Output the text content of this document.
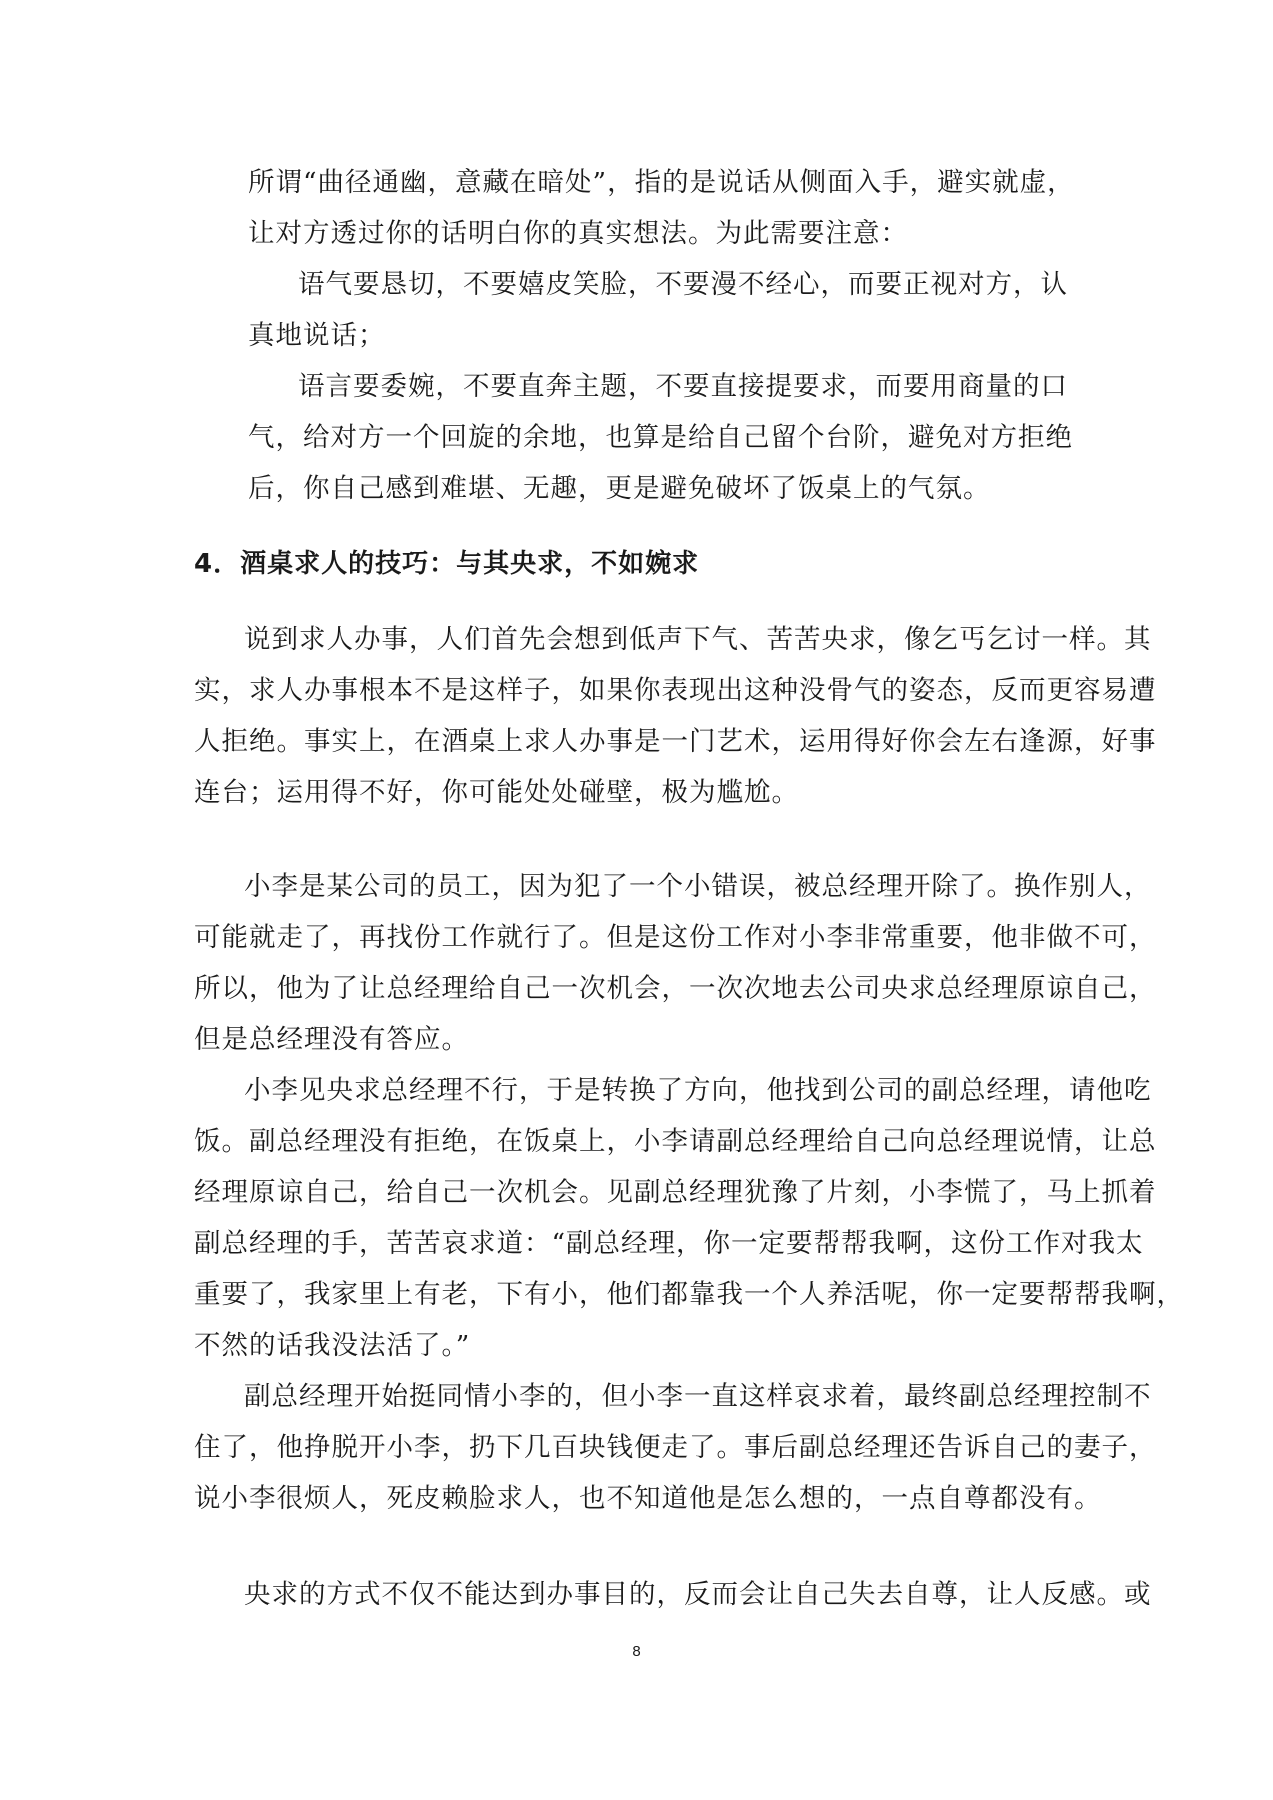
所谓“曲径通幽，意藏在暗处”，指的是说话从侧面入手，避实就虚，
让对方透过你的话明白你的真实想法。为此需要注意：
语气要恳切，不要嬉皮笑脸，不要漫不经心，而要正视对方，认
真地说话；
语言要委婉，不要直奔主题，不要直接提要求，而要用商量的口
气，给对方一个回旋的余地，也算是给自己留个台阶，避免对方拒绝
后，你自己感到难堪、无趣，更是避免破坏了饭桌上的气氛。
4．酒桌求人的技巧：与其央求，不如婉求
说到求人办事，人们首先会想到低声下气、苦苦央求，像乞丐乞讨一样。其
实，求人办事根本不是这样子，如果你表现出这种没骨气的姿态，反而更容易遭
人拒绝。事实上，在酒桌上求人办事是一门艺术，运用得好你会左右逢源，好事
连台；运用得不好，你可能处处碰壁，极为尴尬。
小李是某公司的员工，因为犯了一个小错误，被总经理开除了。换作别人，
可能就走了，再找份工作就行了。但是这份工作对小李非常重要，他非做不可，
所以，他为了让总经理给自己一次机会，一次次地去公司央求总经理原谅自己，
但是总经理没有答应。
小李见央求总经理不行，于是转换了方向，他找到公司的副总经理，请他吃
饭。副总经理没有拒绝，在饭桌上，小李请副总经理给自己向总经理说情，让总
经理原谅自己，给自己一次机会。见副总经理犹豫了片刻，小李慌了，马上抓着
副总经理的手，苦苦哀求道：“副总经理，你一定要帮帮我啊，这份工作对我太
重要了，我家里上有老，下有小，他们都靠我一个人养活呢，你一定要帮帮我啊，
不然的话我没法活了。”
副总经理开始挺同情小李的，但小李一直这样哀求着，最终副总经理控制不
住了，他挣脱开小李，扔下几百块钱便走了。事后副总经理还告诉自己的妻子，
说小李很烦人，死皮赖脸求人，也不知道他是怎么想的，一点自尊都没有。
央求的方式不仅不能达到办事目的，反而会让自己失去自尊，让人反感。或
8
